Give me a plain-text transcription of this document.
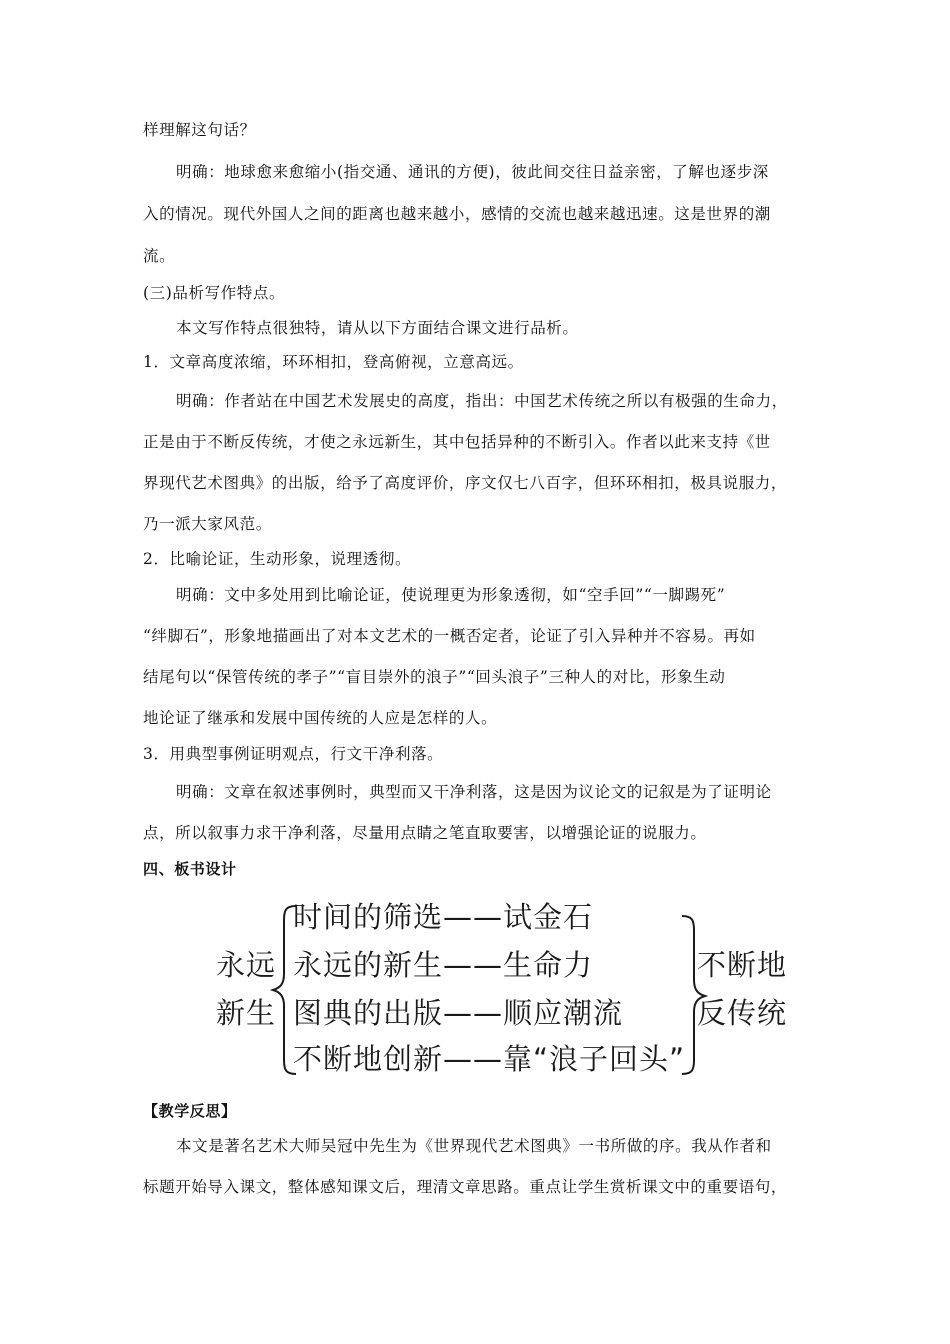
样理解这句话？
明确：地球愈来愈缩小(指交通、通讯的方便)，彼此间交往日益亲密，了解也逐步深
入的情况。现代外国人之间的距离也越来越小，感情的交流也越来越迅速。这是世界的潮
流。
(三)品析写作特点。
本文写作特点很独特，请从以下方面结合课文进行品析。
1．文章高度浓缩，环环相扣，登高俯视，立意高远。
明确：作者站在中国艺术发展史的高度，指出：中国艺术传统之所以有极强的生命力，
正是由于不断反传统，才使之永远新生，其中包括异种的不断引入。作者以此来支持《世
界现代艺术图典》的出版，给予了高度评价，序文仅七八百字，但环环相扣，极具说服力，
乃一派大家风范。
2．比喻论证，生动形象，说理透彻。
明确：文中多处用到比喻论证，使说理更为形象透彻，如“空手回”“一脚踢死”
“绊脚石”，形象地描画出了对本文艺术的一概否定者，论证了引入异种并不容易。再如
结尾句以“保管传统的孝子”“盲目崇外的浪子”“回头浪子”三种人的对比，形象生动
地论证了继承和发展中国传统的人应是怎样的人。
3．用典型事例证明观点，行文干净利落。
明确：文章在叙述事例时，典型而又干净利落，这是因为议论文的记叙是为了证明论
点，所以叙事力求干净利落，尽量用点睛之笔直取要害，以增强论证的说服力。
四、板书设计
永远
新生
时间的筛选——试金石
永远的新生——生命力
图典的出版——顺应潮流
不断地创新——靠“浪子回头”
不断地
反传统
【教学反思】
本文是著名艺术大师吴冠中先生为《世界现代艺术图典》一书所做的序。我从作者和
标题开始导入课文，整体感知课文后，理清文章思路。重点让学生赏析课文中的重要语句，
